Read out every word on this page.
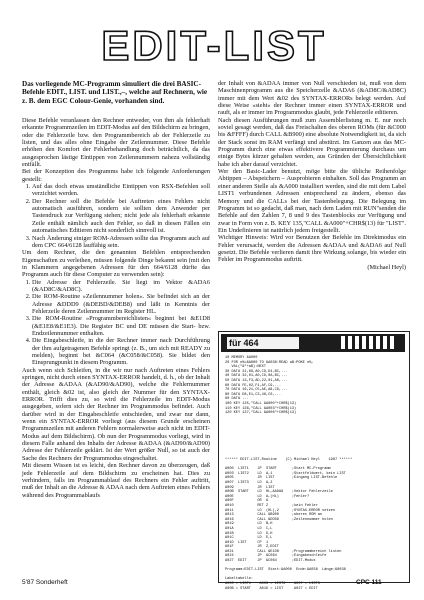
EDIT-LIST
Das vorliegende MC-Programm simuliert die drei BASIC-Befehle EDIT., LIST. und LIST.,–, welche auf Rechnern, wie z. B. dem EGC Colour-Genie, vorhanden sind.

Diese Befehle veranlassen den Rechner entweder, von ihm als fehlerhaft erkannte Programmzeilen im EDIT-Modus auf den Bildschirm zu bringen, oder die Fehlerzeile bzw. den Programmbereich ab der Fehlerzeile zu listen, und das alles ohne Eingabe der Zeilennummer. Diese Befehle erhöhen den Komfort der Fehlerbehandlung doch beträchtlich, da das ausgesprochen lästige Eintippen von Zeilennummern nahezu vollständig entfällt.

Bei der Konzeption des Programms habe ich folgende Anforderungen gestellt:

1. Auf das doch etwas umständliche Eintippen von RSX-Befehlen soll verzichtet werden.
2. Der Rechner soll die Befehle bei Auftreten eines Fehlers nicht automatisch ausführen, sondern sie sollten dem Anwender per Tastendruck zur Verfügung stehen; nicht jede als fehlerhaft erkannte Zeile enthält nämlich auch den Fehler, so daß in diesen Fällen ein automatisches Editieren nicht sonderlich sinnvoll ist.
3. Nach Änderung einiger ROM-Adressen sollte das Programm auch auf dem CPC 664/6128 lauffähig sein.

Um dem Rechner, die den genannten Befehlen entsprechenden Eigenschaften zu verleihen, müssen folgende Dinge bekannt sein (mit den in Klammern angegebenen Adressen für den 664/6128 dürfte das Programm auch für diese Computer zu verwenden sein):

1. Die Adresse der Fehlerzeile. Sie liegt im Vektor &ADA6 (&AD8C/&AD8C).
2. Die ROM-Routine »Zeilennummer holen«. Sie befindet sich an der Adresse &DDD9 (&DEBD/&DEB8) und läßt in Kenntnis der Fehlerzeile deren Zeilennummer im Register HL.
3. Die ROM-Routine »Programmbereichlisten« beginnt bei &E1D8 (&E1E8/&E1E3). Die Register BC und DE müssen die Start- bzw. Endzeilennummer enthalten.
4. Die Eingabeschleife, in die der Rechner immer nach Durchführung der ihm aufgetragenen Befehle springt (z. B., um sich mit READY zu melden), beginnt bei &C064 (&C058/&C058). Sie bildet den Einsprungpunkt in diesem Programm.

Auch wenn sich Schleifen, in die wir nur nach Auftreten eines Fehlers springen, nicht durch einen SYNTAX-ERROR handelt, d. h., ob der Inhalt der Adresse &ADAA (&AD90/&AD90), welche die Fehlernummer enthält, gleich &02 ist, also gleich der Nummer für den SYNTAX-ERROR. Trifft dies zu, so wird die Fehlerzeile im EDIT-Modus ausgegeben, sofern sich der Rechner im Programmodus befindet. Auch darüber wird in der Eingabeschleife entschieden, und zwar nur dann, wenn ein SYNTAX-ERROR vorliegt (aus diesem Grunde erscheinen Programmzeilen mit anderen Fehlern normalerweise auch nicht im EDIT-Modus auf dem Bildschirm). Ob nun der Programmodus vorliegt, wird in diesem Falle anhand des Inhalts der Adresse &ADAA (&AD90/&AD90) Adresse der Fehlerzeile geklärt. Ist der Wert größer Null, so ist auch der Sache des Rechners der Programmodus eingeschaltet.

Mit diesem Wissen ist es leicht, den Rechner davon zu überzeugen, daß jede Fehlerzeile auf dem Bildschirm zu erscheinen hat. Dies zu verhindern, falls im Programmablauf des Rechners ein Fehler auftritt, muß der Inhalt an die Adresse & ADAA nach dem Auftreten eines Fehlers während des Programmablaufs

der Inhalt von &ADAA immer von Null verschieden ist, muß von dem Maschinenprogramm aus die Speicherzelle &ADA6 (&AD8C/&AD8C) immer mit dem Wert &02 des SYNTAX-ERRORs belegt werden. Auf diese Weise »sieht« der Rechner immer einen SYNTAX-ERROR und rauft, als er immer im Programmodus glaubt, jede Fehlerzeile editieren.

Nach diesen Ausführungen muß zum Assemblerlistung m. E. nur noch soviel gesagt werden, daß das Freischalten des oberen ROMs (für &C000 bis &FFFF) durch CALL &B900) eine absolute Notwendigkeit ist, da sich der Stack sonst im RAM verfängt und abstürzt. Im Ganzen aus das MC-Programm durch eine etwas effektivere Programmierung durchaus um einige Bytes kürzer gehalten werden, aus Gründen der Übersichtlichkeit habe ich aber darauf verzichtet.

Wer den Basic-Lader benutzt, möge bitte die übliche Reihenfolge Abtippen – Abspeichern – Ausprobieren einhalten. Soll das Programm an einer anderen Stelle als &A000 installiert werden, sind die mit dem Label LIST1 verbundenen Adressen entsprechend zu ändern, ebenso das Memory und die CALLs bei der Tastenbelegung. Die Belegung im Programm ist so gedacht, daß man, nach dem Laden mit RUN"senden die Befehle auf den Zahlen 7, 8 und 9 des Tastenblocks zur Verfügung und zwar in Form von z. B. KEY 135,"CALL &A000"+CHR$(13) für "LIST". Ein Undefinieren ist natürlich jedem freigestellt.

Wichtiger Hinweis: Wird vor Benutzen der Befehle im Direktmodus ein Fehler verursacht, werden die Adressen &ADAA und &ADA6 auf Null gesetzt. Die Befehle verlieren damit ihre Wirkung solange, bis wieder ein Fehler im Programmodus auftritt.

(Michael Heyl)

für 464
10 MEMORY &A000
20 FOR n%=&A000 TO &A038:READ a$:POKE n%,
VAL("&"+a$):NEXT
30 DATA 21,09,A0,CD,D4,BC,...
40 DATA 32,01,A0,CD,0A,BC,...
50 DATA 13,F3,AD,22,01,A0,...
60 DATA FE,02,F1,AF,C9,...
70 DATA 16,21,C5,AE,A8,CD,...
80 DATA D8,E1,C3,46,C0,...
90 DATA ...
100 KEY 135,"CALL &A000"+CHR$(13)
110 KEY 136,"CALL &A003"+CHR$(13)
120 KEY 137,"CALL &A006"+CHR$(13)
****** EDIT-LIST-Routine    (C) Michael Heyl    1987 ******

A000  LIST1    JP  START       ;Start MC-Programm
A003  LIST2    LD  A,1         ;Startfeldwert, kein LIST
A005           JR  LIST        ;Eingang LIST-Befehle
A007  LIST3    LD  A,2
A009           JR  LIST
A00B  START    LD  HL,&ADA6    ;Vektor Fehlerzeile
A00E           LD  A,(HL)      ;Fehler?
A00F           OR  A
A010           RET Z           ;kein Fehler
A011           LD  (HL),2      ;SYNTAX-ERROR setzen
A013           CALL &B900      ;oberes ROM an
A016           CALL &DDD9      ;Zeilennummer holen
A019           LD  B,H
A01A           LD  C,L
A01B           LD  D,H
A01C           LD  E,L
A01D  LIST     CP  1
A01F           JR  Z,EDIT
A021           CALL &E1D8      ;Programmbereich listen
A024           JP  &C064       ;Eingabeschleife
A027  EDIT     JP  &C064       ;EDIT-Modus

Programm:EDIT-LIST  Start:&A000  Ende:&A038  Länge:&0038

Labeltabelle:
A000 = LIST1    A003 = LIST2    A007 = LIST3
A00B = START    A01D = LIST     A027 = EDIT
5'87 Sonderheft	CPC 111
